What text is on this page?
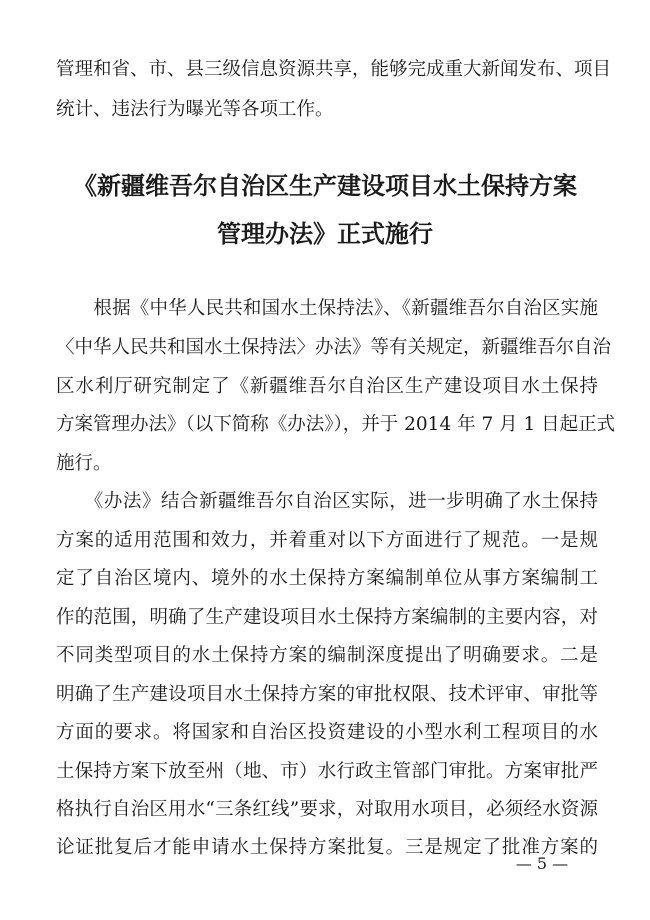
管理和省、市、县三级信息资源共享，能够完成重大新闻发布、项目
统计、违法行为曝光等各项工作。
《新疆维吾尔自治区生产建设项目水土保持方案
管理办法》正式施行
　　根据《中华人民共和国水土保持法》、《新疆维吾尔自治区实施
〈中华人民共和国水土保持法〉办法》等有关规定，新疆维吾尔自治
区水利厅研究制定了《新疆维吾尔自治区生产建设项目水土保持
方案管理办法》（以下简称《办法》），并于 2014 年 7 月 1 日起正式
施行。
　　《办法》结合新疆维吾尔自治区实际，进一步明确了水土保持
方案的适用范围和效力，并着重对以下方面进行了规范。一是规
定了自治区境内、境外的水土保持方案编制单位从事方案编制工
作的范围，明确了生产建设项目水土保持方案编制的主要内容，对
不同类型项目的水土保持方案的编制深度提出了明确要求。二是
明确了生产建设项目水土保持方案的审批权限、技术评审、审批等
方面的要求。将国家和自治区投资建设的小型水利工程项目的水
土保持方案下放至州（地、市）水行政主管部门审批。方案审批严
格执行自治区用水“三条红线”要求，对取用水项目，必须经水资源
论证批复后才能申请水土保持方案批复。三是规定了批准方案的
— 5 —
